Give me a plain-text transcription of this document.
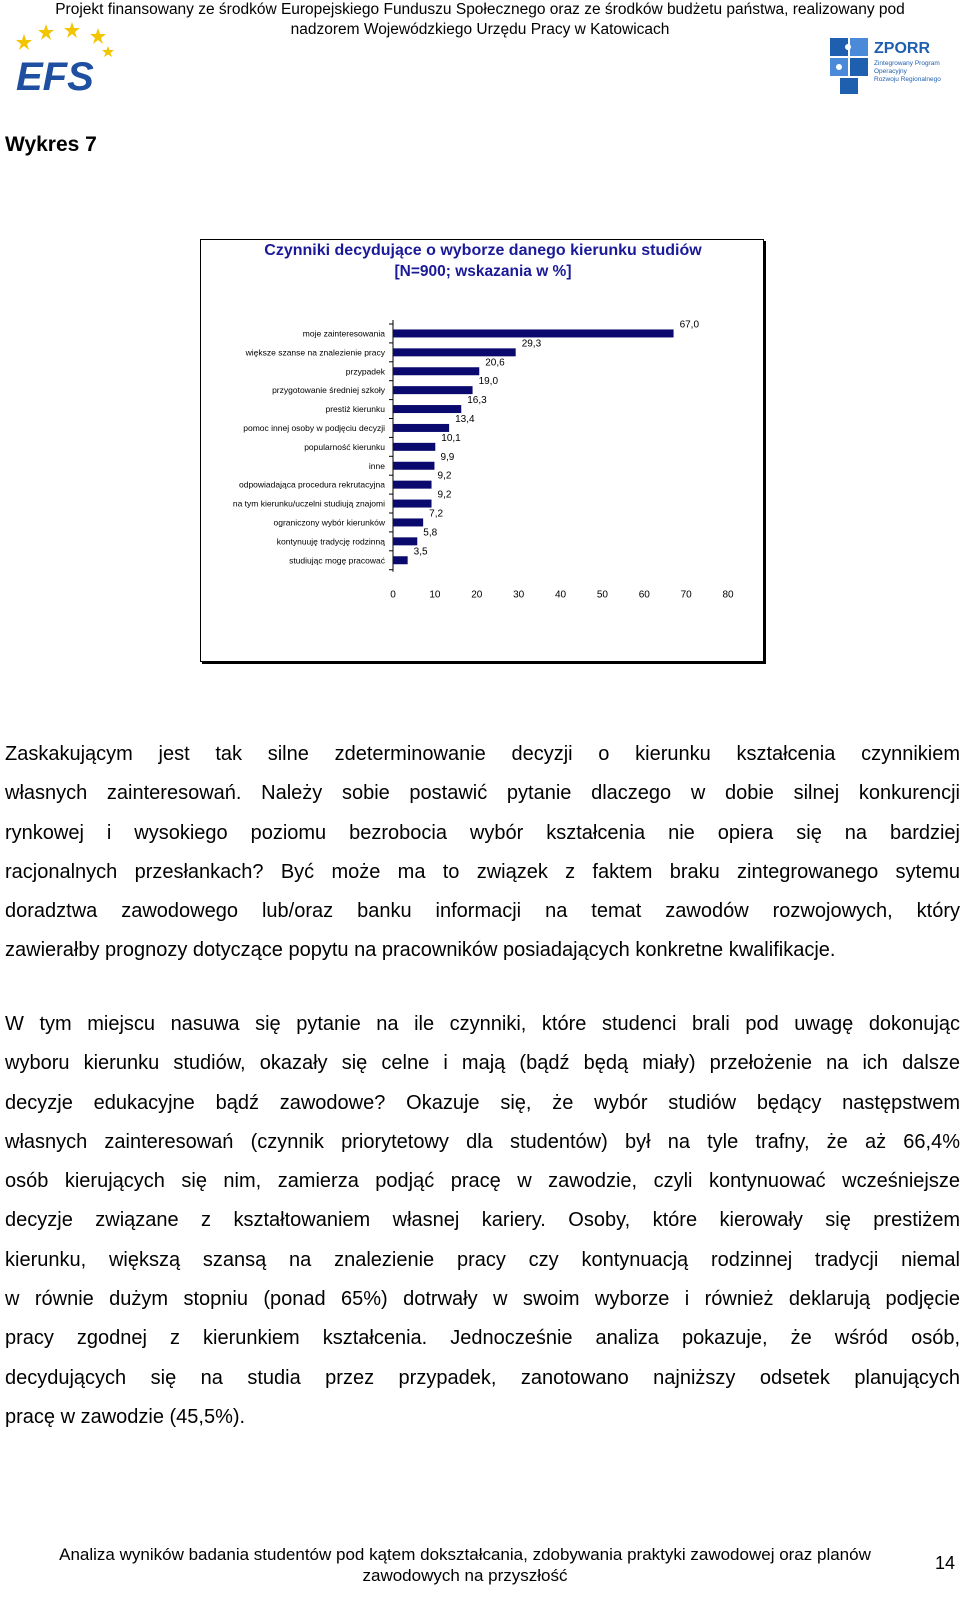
Projekt finansowany ze środków Europejskiego Funduszu Społecznego oraz ze środków budżetu państwa, realizowany pod
nadzorem Wojewódzkiego Urzędu Pracy w Katowicach
EFS
ZPORR
Zintegrowany Program
Operacyjny
Rozwoju Regionalnego
Wykres 7
Czynniki decydujące o wyborze danego kierunku studiów
[N=900; wskazania w %]
moje zainteresowania
67,0
większe szanse na znalezienie pracy
29,3
przypadek
20,6
przygotowanie średniej szkoły
19,0
prestiż kierunku
16,3
pomoc innej osoby w podjęciu decyzji
13,4
popularność kierunku
10,1
inne
9,9
odpowiadająca procedura rekrutacyjna
9,2
na tym kierunku/uczelni studiują znajomi
9,2
ograniczony wybór kierunków
7,2
kontynuuję tradycję rodzinną
5,8
studiując mogę pracować
3,5
0	10	20	30	40	50	60	70	80
Zaskakującym jest tak silne zdeterminowanie decyzji o kierunku kształcenia czynnikiem
własnych zainteresowań. Należy sobie postawić pytanie dlaczego w dobie silnej konkurencji
rynkowej i wysokiego poziomu bezrobocia wybór kształcenia nie opiera się na bardziej
racjonalnych przesłankach? Być może ma to związek z faktem braku zintegrowanego sytemu
doradztwa zawodowego lub/oraz banku informacji na temat zawodów rozwojowych, który
zawierałby prognozy dotyczące popytu na pracowników posiadających konkretne kwalifikacje.
W tym miejscu nasuwa się pytanie na ile czynniki, które studenci brali pod uwagę dokonując
wyboru kierunku studiów, okazały się celne i mają (bądź będą miały) przełożenie na ich dalsze
decyzje edukacyjne bądź zawodowe? Okazuje się, że wybór studiów będący następstwem
własnych zainteresowań (czynnik priorytetowy dla studentów) był na tyle trafny, że aż 66,4%
osób kierujących się nim, zamierza podjąć pracę w zawodzie, czyli kontynuować wcześniejsze
decyzje związane z kształtowaniem własnej kariery. Osoby, które kierowały się prestiżem
kierunku, większą szansą na znalezienie pracy czy kontynuacją rodzinnej tradycji niemal
w równie dużym stopniu (ponad 65%) dotrwały w swoim wyborze i również deklarują podjęcie
pracy zgodnej z kierunkiem kształcenia. Jednocześnie analiza pokazuje, że wśród osób,
decydujących się na studia przez przypadek, zanotowano najniższy odsetek planujących
pracę w zawodzie (45,5%).
Analiza wyników badania studentów pod kątem dokształcania, zdobywania praktyki zawodowej oraz planów
zawodowych na przyszłość
14
